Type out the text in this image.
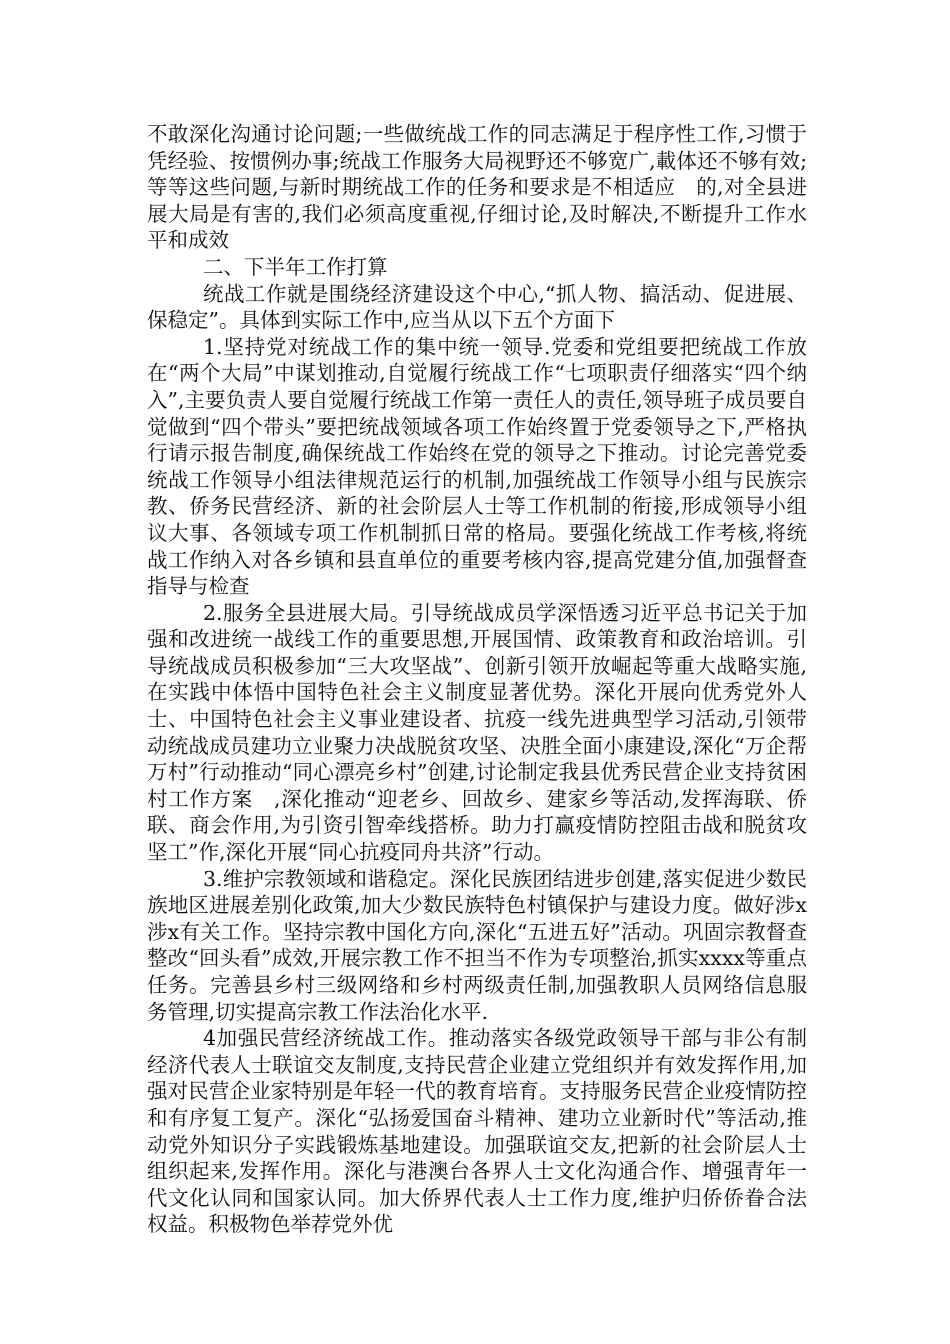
不敢深化沟通讨论问题;一些做统战工作的同志满足于程序性工作,习惯于凭经验、按惯例办事;统战工作服务大局视野还不够宽广,載体还不够有效;等等这些问题,与新时期统战工作的任务和要求是不相适应　的,对全县进展大局是有害的,我们必须高度重视,仔细讨论,及时解决,不断提升工作水平和成效

二、下半年工作打算

统战工作就是围绕经济建设这个中心,“抓人物、搞活动、促进展、保稳定”。具体到实际工作中,应当从以下五个方面下

1.坚持党对统战工作的集中统一领导.党委和党组要把统战工作放在“两个大局”中谋划推动,自觉履行统战工作“七项职责仔细落实“四个纳入”,主要负责人要自觉履行统战工作第一责任人的责任,领导班子成员要自觉做到“四个带头”要把统战领域各项工作始终置于党委领导之下,严格执行请示报告制度,确保统战工作始终在党的领导之下推动。讨论完善党委统战工作领导小组法律规范运行的机制,加强统战工作领导小组与民族宗教、侨务民营经济、新的社会阶层人士等工作机制的衔接,形成领导小组议大事、各领域专项工作机制抓日常的格局。要强化统战工作考核,将统战工作纳入对各乡镇和县直单位的重要考核内容,提高党建分值,加强督查指导与检查

2.服务全县进展大局。引导统战成员学深悟透习近平总书记关于加强和改进统一战线工作的重要思想,开展国情、政策教育和政治培训。引导统战成员积极参加“三大攻坚战”、创新引领开放崛起等重大战略实施,在实践中体悟中国特色社会主义制度显著优势。深化开展向优秀党外人士、中国特色社会主义事业建设者、抗疫一线先进典型学习活动,引领带动统战成员建功立业聚力决战脱贫攻坚、决胜全面小康建设,深化“万企帮万村”行动推动“同心漂亮乡村”创建,讨论制定我县优秀民营企业支持贫困村工作方案　,深化推动“迎老乡、回故乡、建家乡等活动,发挥海联、侨联、商会作用,为引资引智牵线搭桥。助力打赢疫情防控阻击战和脱贫攻坚工”作,深化开展“同心抗疫同舟共济”行动。

3.维护宗教领域和谐稳定。深化民族团结进步创建,落实促进少数民族地区进展差别化政策,加大少数民族特色村镇保护与建设力度。做好涉x涉x有关工作。坚持宗教中国化方向,深化“五进五好”活动。巩固宗教督查整改“回头看”成效,开展宗教工作不担当不作为专项整治,抓实xxxx等重点任务。完善县乡村三级网络和乡村两级责任制,加强教职人员网络信息服务管理,切实提高宗教工作法治化水平.

4加强民营经济统战工作。推动落实各级党政领导干部与非公有制经济代表人士联谊交友制度,支持民营企业建立党组织并有效发挥作用,加强对民营企业家特别是年轻一代的教育培育。支持服务民营企业疫情防控和有序复工复产。深化“弘扬爱国奋斗精神、建功立业新时代”等活动,推动党外知识分子实践锻炼基地建设。加强联谊交友,把新的社会阶层人士组织起来,发挥作用。深化与港澳台各界人士文化沟通合作、增强青年一代文化认同和国家认同。加大侨界代表人士工作力度,维护归侨侨眷合法权益。积极物色举荐党外优
